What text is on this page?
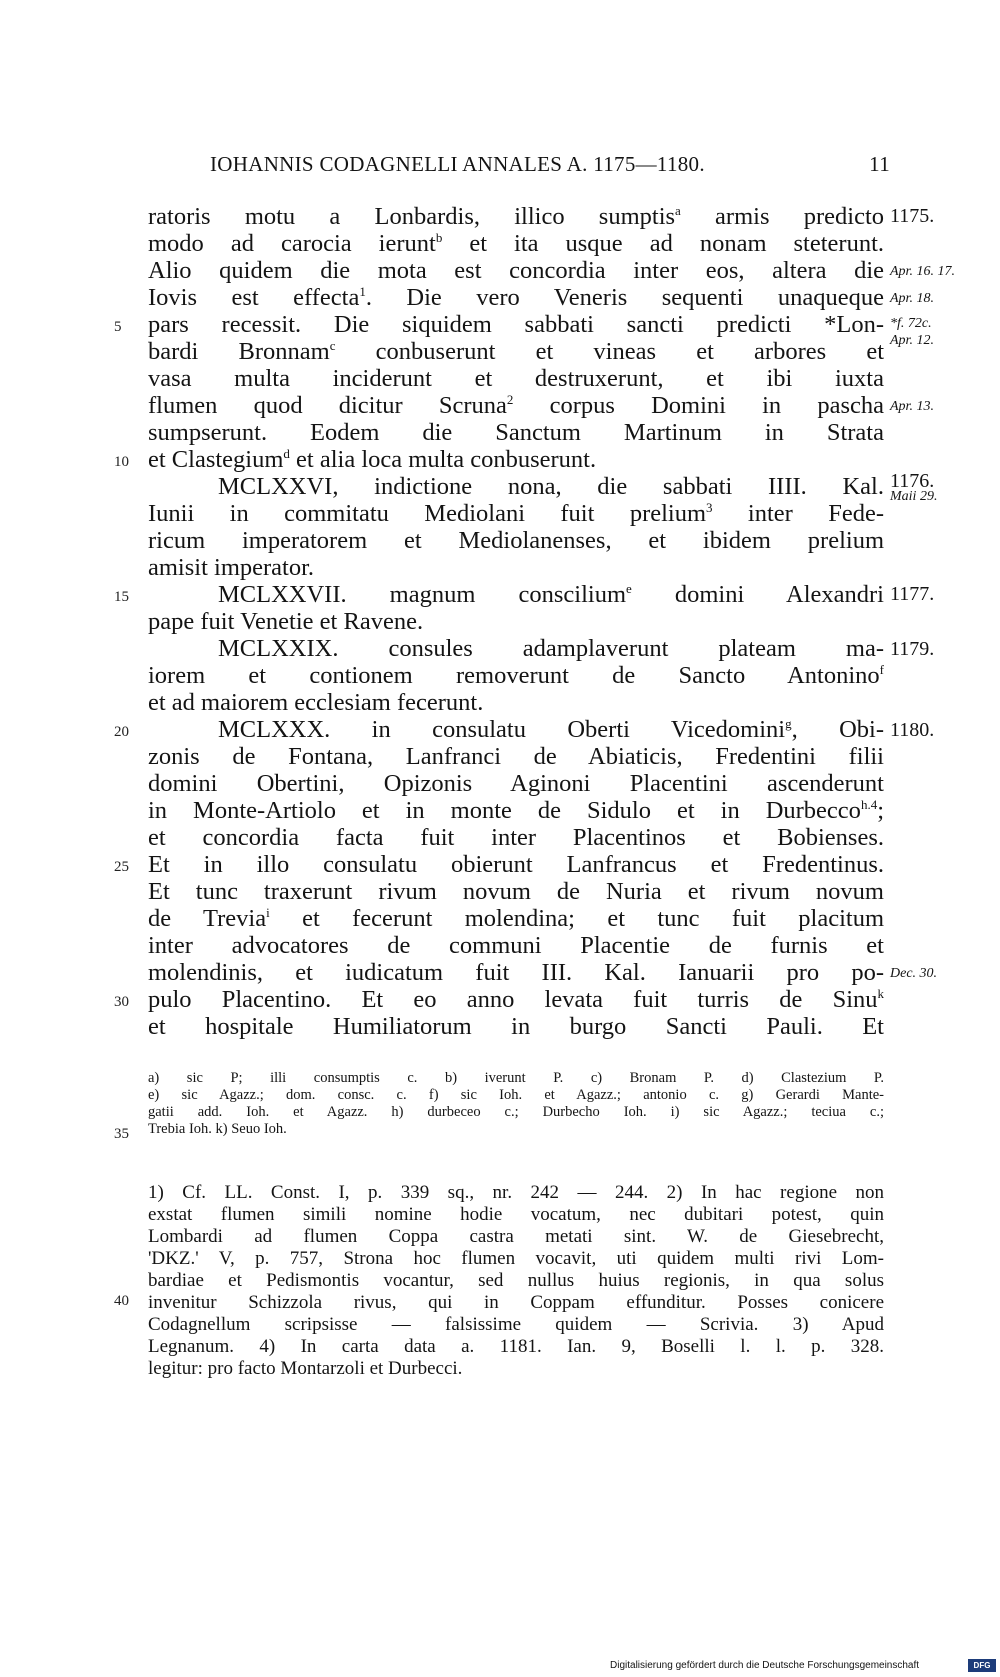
IOHANNIS CODAGNELLI ANNALES A. 1175—1180.	11
ratoris motu a Lonbardis, illico sumptis$^a$ armis predicto
modo ad carocia ierunt$^b$ et ita usque ad nonam steterunt.
Alio quidem die mota est concordia inter eos, altera die
Iovis est effecta$^1$. Die vero Veneris sequenti unaqueque
pars recessit. Die siquidem sabbati sancti predicti *Lon-
bardi Bronnam$^c$ conbuserunt et vineas et arbores et
vasa multa inciderunt et destruxerunt, et ibi iuxta
flumen quod dicitur Scruna$^2$ corpus Domini in pascha
sumpserunt. Eodem die Sanctum Martinum in Strata
et Clastegium$^d$ et alia loca multa conbuserunt.
MCLXXVI, indictione nona, die sabbati IIII. Kal.
Iunii in commitatu Mediolani fuit prelium$^3$ inter Fede-
ricum imperatorem et Mediolanenses, et ibidem prelium
amisit imperator.
MCLXXVII. magnum conscilium$^e$ domini Alexandri
pape fuit Venetie et Ravene.
MCLXXIX. consules adamplaverunt plateam ma-
iorem et contionem removerunt de Sancto Antonino$^f$
et ad maiorem ecclesiam fecerunt.
MCLXXX. in consulatu Oberti Vicedomini$^g$, Obi-
zonis de Fontana, Lanfranci de Abiaticis, Fredentini filii
domini Obertini, Opizonis Aginoni Placentini ascenderunt
in Monte-Artiolo et in monte de Sidulo et in Durbecco$^{h.4}$;
et concordia facta fuit inter Placentinos et Bobienses.
Et in illo consulatu obierunt Lanfrancus et Fredentinus.
Et tunc traxerunt rivum novum de Nuria et rivum novum
de Trevia$^i$ et fecerunt molendina; et tunc fuit placitum
inter advocatores de communi Placentie de furnis et
molendinis, et iudicatum fuit III. Kal. Ianuarii pro po-
pulo Placentino. Et eo anno levata fuit turris de Sinu$^k$
et hospitale Humiliatorum in burgo Sancti Pauli. Et
5
10
15
20
25
30
35
40
1175.
Apr. 16. 17.
Apr. 18.
*f. 72c.
Apr. 12.
Apr. 13.
1176.
Maii 29.
1177.
1179.
1180.
Dec. 30.
a) sic P; illi consumptis c. b) iverunt P. c) Bronam P. d) Clastezium P.
e) sic Agazz.; dom. consc. c. f) sic Ioh. et Agazz.; antonio c. g) Gerardi Mante-
gatii add. Ioh. et Agazz. h) durbeceo c.; Durbecho Ioh. i) sic Agazz.; teciua c.;
Trebia Ioh. k) Seuo Ioh.
1) Cf. LL. Const. I, p. 339 sq., nr. 242 — 244. 2) In hac regione non
exstat flumen simili nomine hodie vocatum, nec dubitari potest, quin
Lombardi ad flumen Coppa castra metati sint. W. de Giesebrecht,
'DKZ.' V, p. 757, Strona hoc flumen vocavit, uti quidem multi rivi Lom-
bardiae et Pedismontis vocantur, sed nullus huius regionis, in qua solus
invenitur Schizzola rivus, qui in Coppam effunditur. Posses conicere
Codagnellum scripsisse — falsissime quidem — Scrivia. 3) Apud
Legnanum. 4) In carta data a. 1181. Ian. 9, Boselli l. l. p. 328.
legitur: pro facto Montarzoli et Durbecci.
Digitalisierung gefördert durch die Deutsche Forschungsgemeinschaft	DFG
